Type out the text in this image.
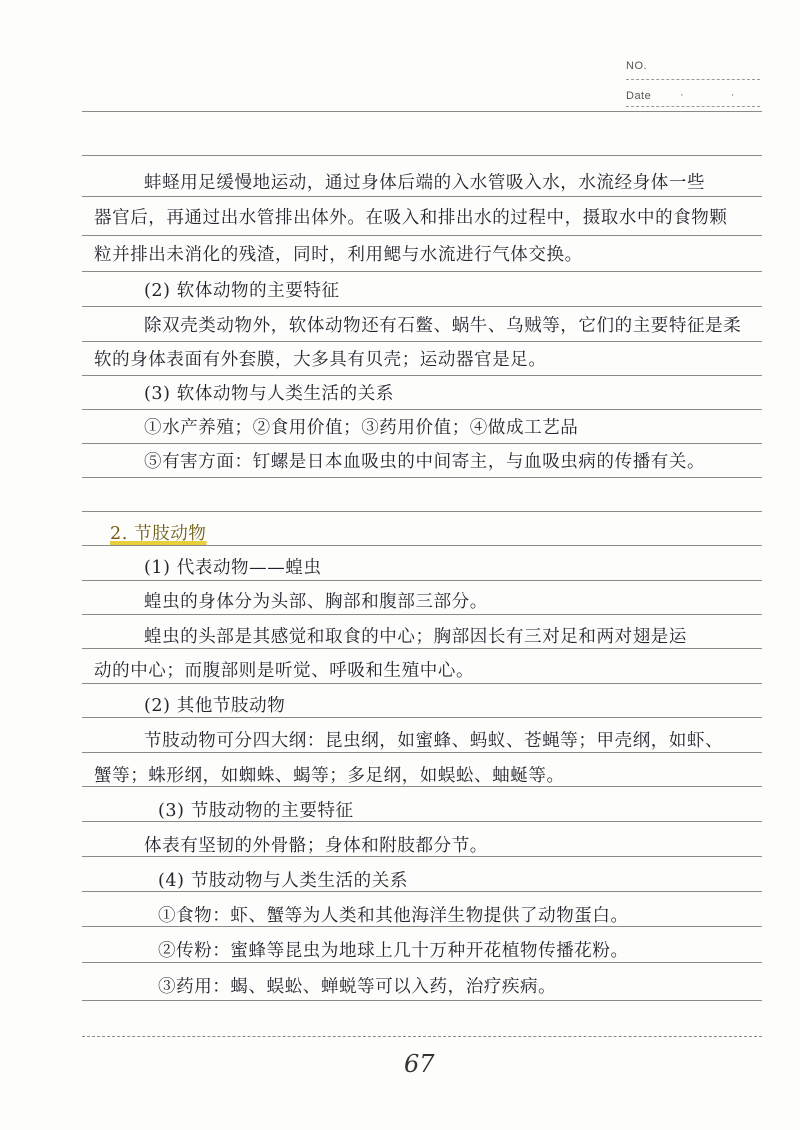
NO.
Date	· ·
蚌蛏用足缓慢地运动，通过身体后端的入水管吸入水，水流经身体一些
器官后，再通过出水管排出体外。在吸入和排出水的过程中，摄取水中的食物颗
粒并排出未消化的残渣，同时，利用鳃与水流进行气体交换。
(2) 软体动物的主要特征
除双壳类动物外，软体动物还有石鳖、蜗牛、乌贼等，它们的主要特征是柔
软的身体表面有外套膜，大多具有贝壳；运动器官是足。
(3) 软体动物与人类生活的关系
①水产养殖；②食用价值；③药用价值；④做成工艺品
⑤有害方面：钉螺是日本血吸虫的中间寄主，与血吸虫病的传播有关。
2. 节肢动物
(1) 代表动物——蝗虫
蝗虫的身体分为头部、胸部和腹部三部分。
蝗虫的头部是其感觉和取食的中心；胸部因长有三对足和两对翅是运
动的中心；而腹部则是听觉、呼吸和生殖中心。
(2) 其他节肢动物
节肢动物可分四大纲：昆虫纲，如蜜蜂、蚂蚁、苍蝇等；甲壳纲，如虾、
蟹等；蛛形纲，如蜘蛛、蝎等；多足纲，如蜈蚣、蚰蜒等。
(3) 节肢动物的主要特征
体表有坚韧的外骨骼；身体和附肢都分节。
(4) 节肢动物与人类生活的关系
①食物：虾、蟹等为人类和其他海洋生物提供了动物蛋白。
②传粉：蜜蜂等昆虫为地球上几十万种开花植物传播花粉。
③药用：蝎、蜈蚣、蝉蜕等可以入药，治疗疾病。
67
